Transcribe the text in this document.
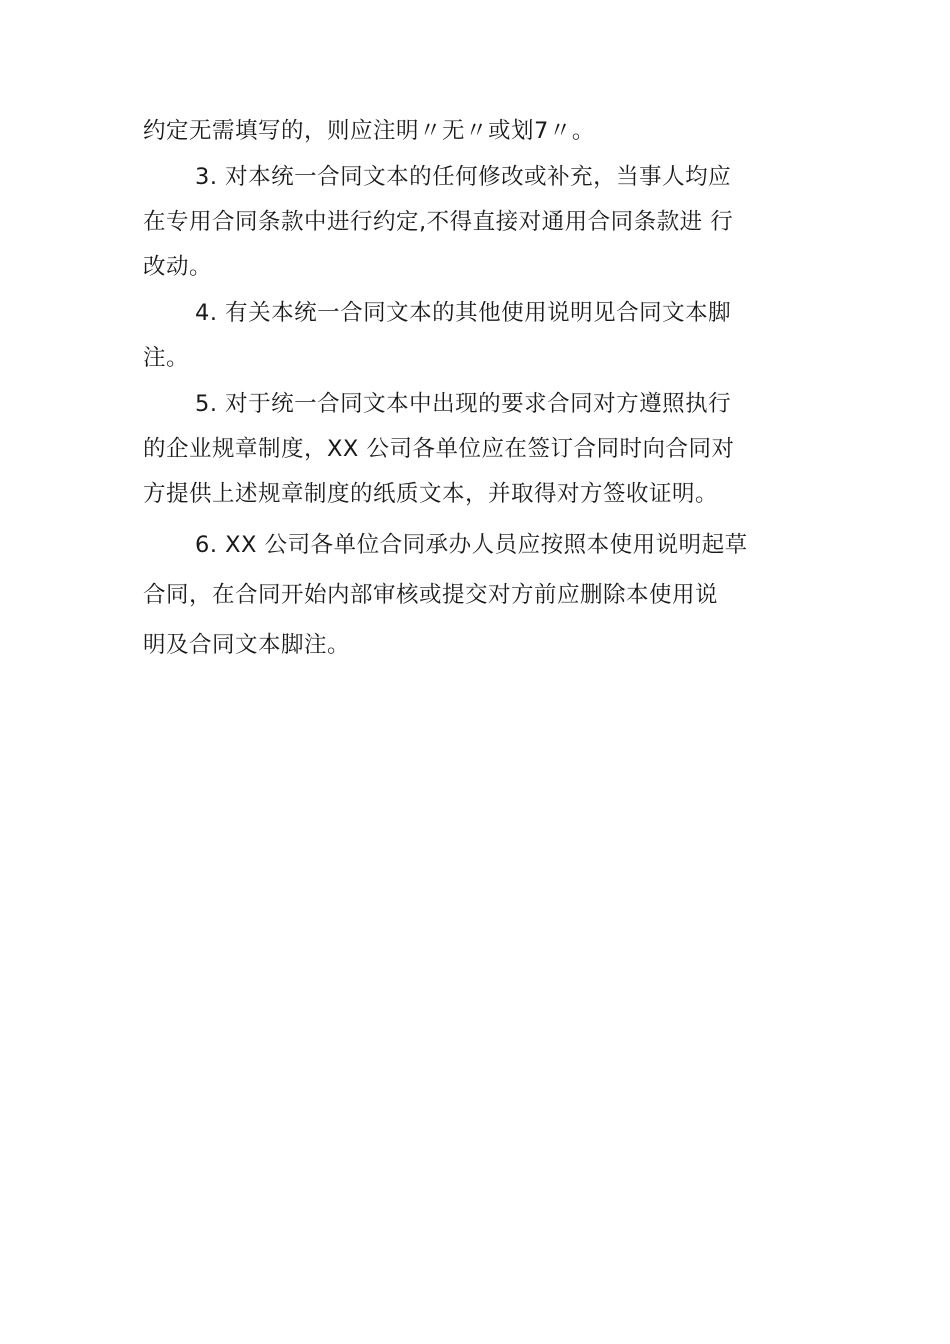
约定无需填写的，则应注明〃无〃或划7〃。
3. 对本统一合同文本的任何修改或补充，当事人均应
在专用合同条款中进行约定,不得直接对通用合同条款进 行
改动。
4. 有关本统一合同文本的其他使用说明见合同文本脚
注。
5. 对于统一合同文本中出现的要求合同对方遵照执行
的企业规章制度，XX 公司各单位应在签订合同时向合同对
方提供上述规章制度的纸质文本，并取得对方签收证明。
6. XX 公司各单位合同承办人员应按照本使用说明起草
合同，在合同开始内部审核或提交对方前应删除本使用说
明及合同文本脚注。
